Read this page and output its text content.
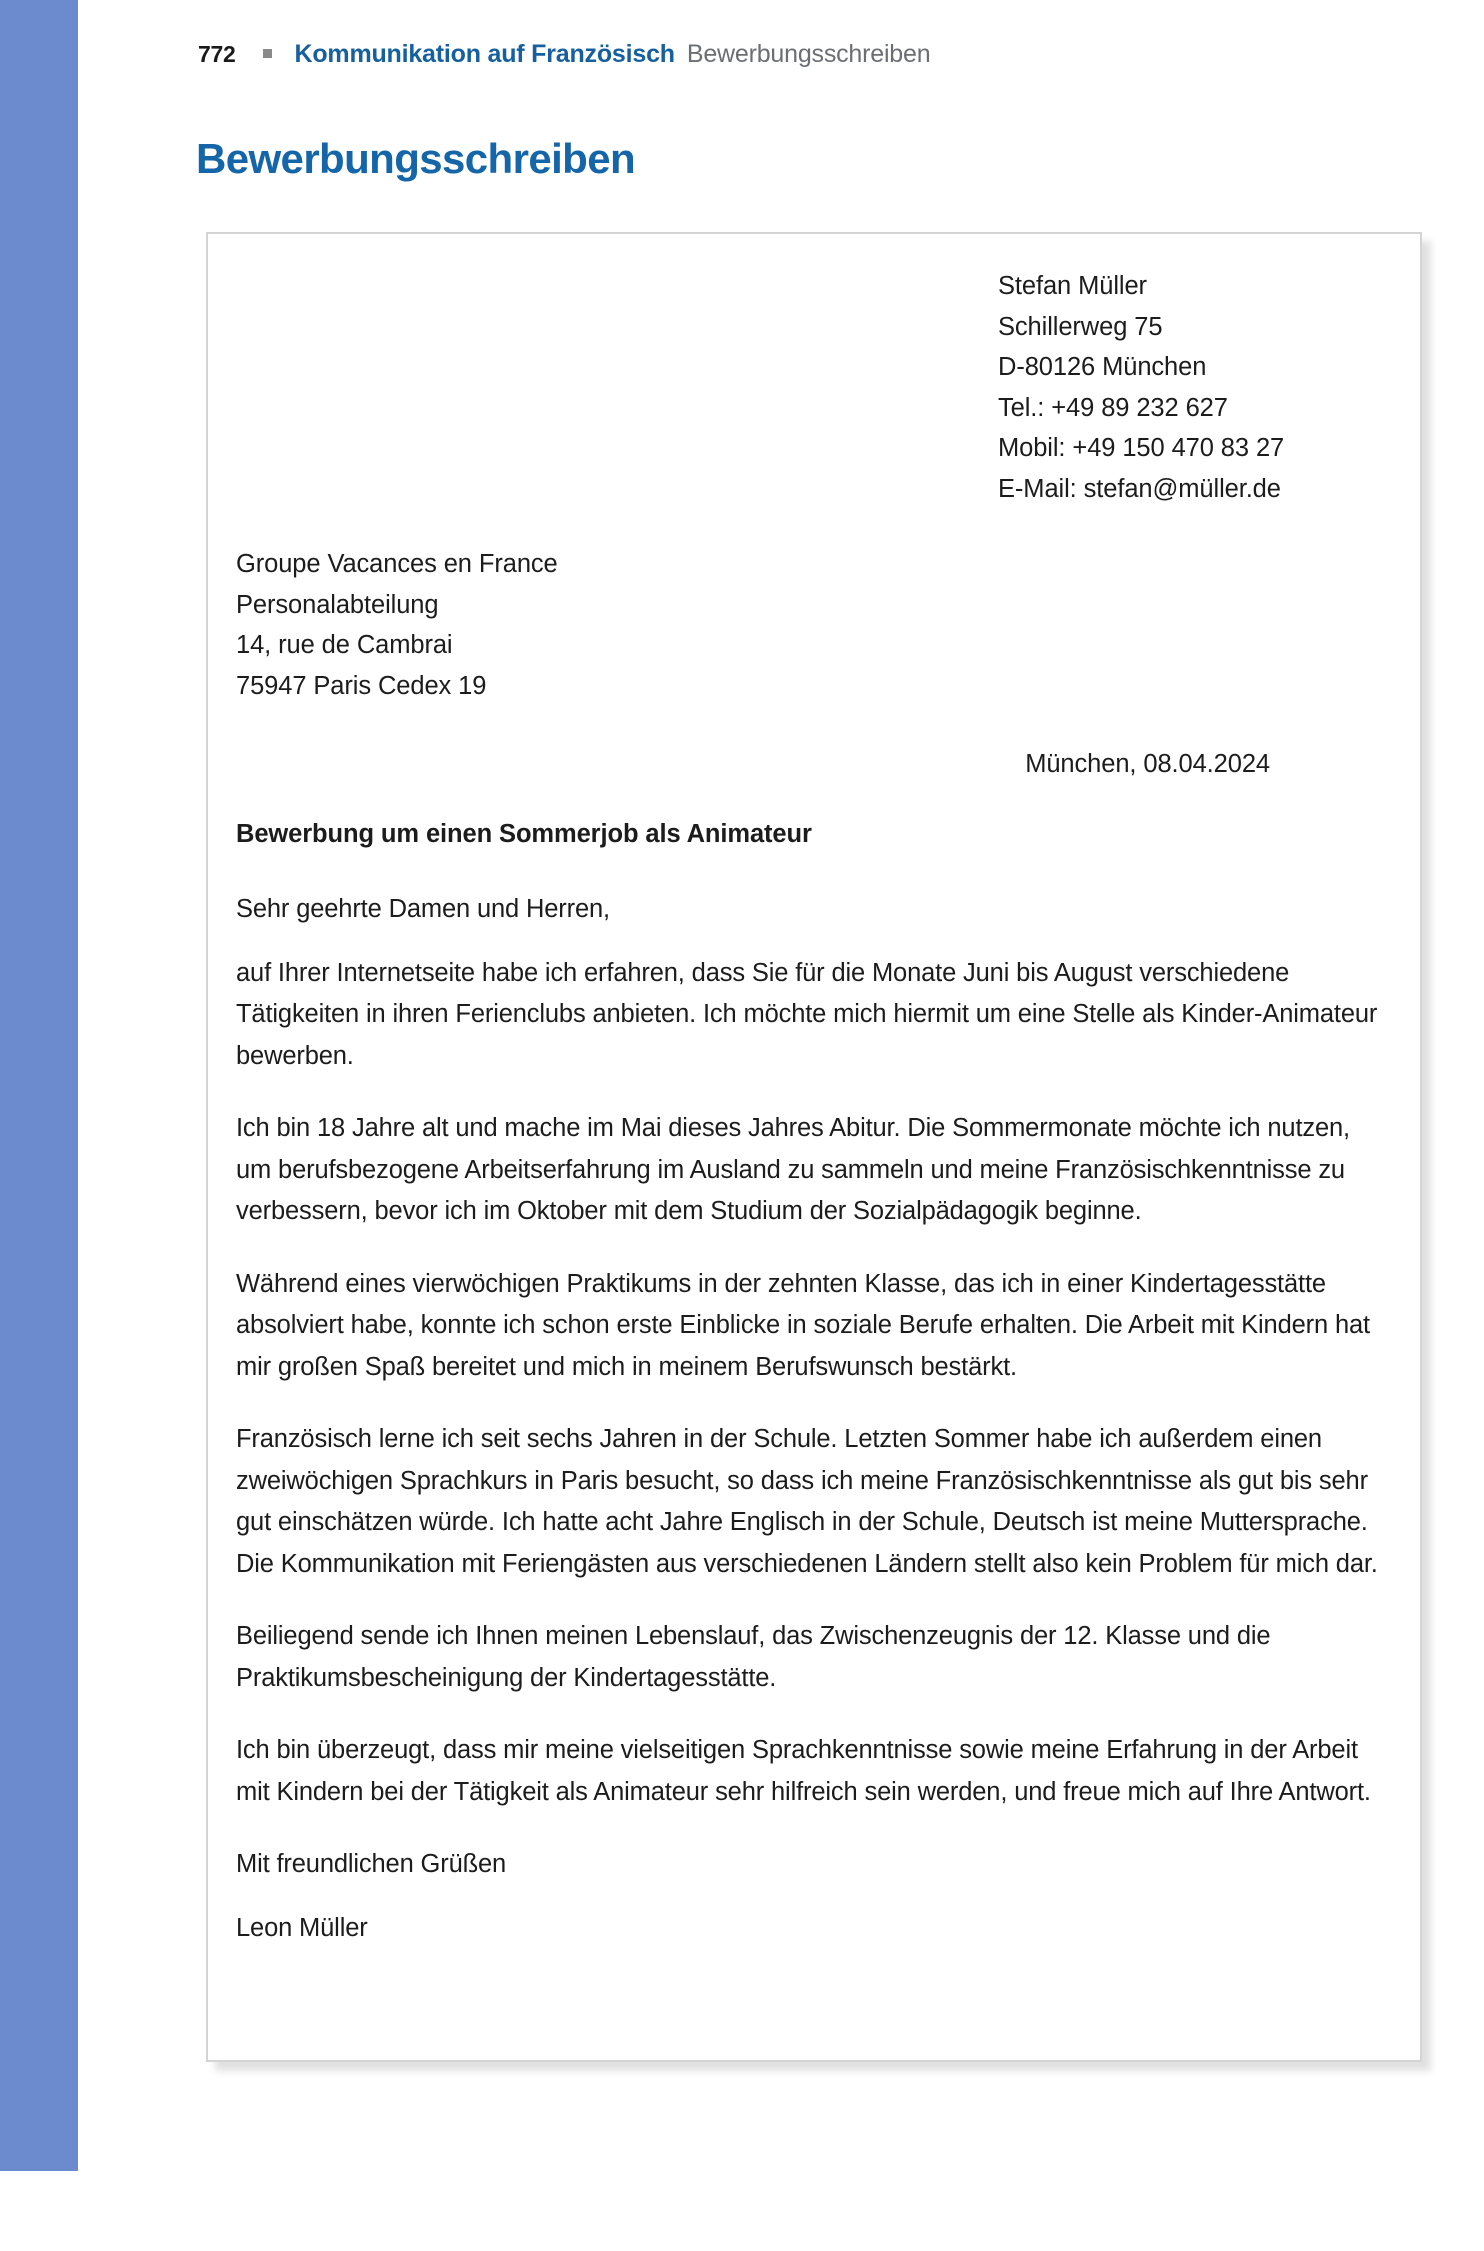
772 Kommunikation auf Französisch Bewerbungsschreiben
Bewerbungsschreiben
Stefan Müller
Schillerweg 75
D-80126 München
Tel.: +49 89 232 627
Mobil: +49 150 470 83 27
E-Mail: stefan@müller.de
Groupe Vacances en France
Personalabteilung
14, rue de Cambrai
75947 Paris Cedex 19
München, 08.04.2024
Bewerbung um einen Sommerjob als Animateur

Sehr geehrte Damen und Herren,

auf Ihrer Internetseite habe ich erfahren, dass Sie für die Monate Juni bis August verschiedene Tätigkeiten in ihren Ferienclubs anbieten. Ich möchte mich hiermit um eine Stelle als Kinder-Animateur bewerben.

Ich bin 18 Jahre alt und mache im Mai dieses Jahres Abitur. Die Sommermonate möchte ich nutzen, um berufsbezogene Arbeitserfahrung im Ausland zu sammeln und meine Französischkenntnisse zu verbessern, bevor ich im Oktober mit dem Studium der Sozialpädagogik beginne.

Während eines vierwöchigen Praktikums in der zehnten Klasse, das ich in einer Kindertagesstätte absolviert habe, konnte ich schon erste Einblicke in soziale Berufe erhalten. Die Arbeit mit Kindern hat mir großen Spaß bereitet und mich in meinem Berufswunsch bestärkt.

Französisch lerne ich seit sechs Jahren in der Schule. Letzten Sommer habe ich außerdem einen zweiwöchigen Sprachkurs in Paris besucht, so dass ich meine Französischkenntnisse als gut bis sehr gut einschätzen würde. Ich hatte acht Jahre Englisch in der Schule, Deutsch ist meine Muttersprache. Die Kommunikation mit Feriengästen aus verschiedenen Ländern stellt also kein Problem für mich dar.

Beiliegend sende ich Ihnen meinen Lebenslauf, das Zwischenzeugnis der 12. Klasse und die Praktikumsbescheinigung der Kindertagesstätte.

Ich bin überzeugt, dass mir meine vielseitigen Sprachkenntnisse sowie meine Erfahrung in der Arbeit mit Kindern bei der Tätigkeit als Animateur sehr hilfreich sein werden, und freue mich auf Ihre Antwort.

Mit freundlichen Grüßen

Leon Müller
